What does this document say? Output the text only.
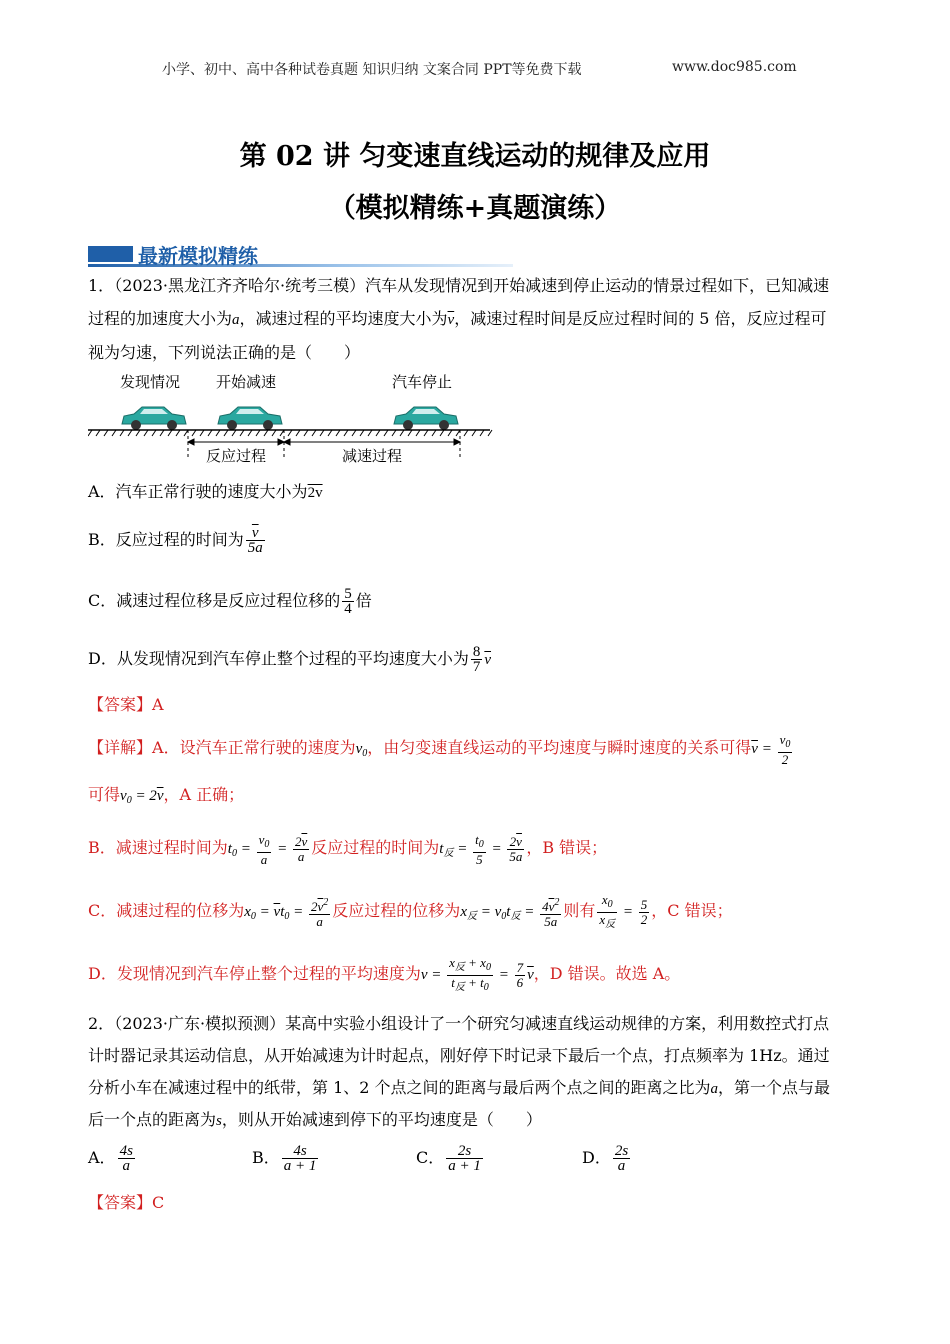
小学、初中、高中各种试卷真题 知识归纳 文案合同 PPT等免费下载	www.doc985.com
第 02 讲 匀变速直线运动的规律及应用
（模拟精练+真题演练）
最新模拟精练
1．（2023·黑龙江齐齐哈尔·统考三模）汽车从发现情况到开始减速到停止运动的情景过程如下，已知减速
过程的加速度大小为a，减速过程的平均速度大小为$\overline{v}$，减速过程时间是反应过程时间的 5 倍，反应过程可
视为匀速，下列说法正确的是（　　）
发现情况 开始减速	汽车停止
反应过程	减速过程
A．汽车正常行驶的速度大小为2v
B．反应过程的时间为 $\frac{\overline{v}}{5a}$
C．减速过程位移是反应过程位移的 $\frac{5}{4}$ 倍
D．从发现情况到汽车停止整个过程的平均速度大小为 $\frac{8}{7} \overline{v}$
【答案】A
【详解】A．设汽车正常行驶的速度为$v_0$，由匀变速直线运动的平均速度与瞬时速度的关系可得$\overline{v} = \frac{v_0}{2}$
可得$v_0 = 2\overline{v}$，A 正确；
B．减速过程时间为$t_0 = \frac{v_0}{a} = \frac{2\overline{v}}{a}$ 反应过程的时间为$t_反 = \frac{t_0}{5} = \frac{2\overline{v}}{5a}$ ，B 错误；
C．减速过程的位移为$x_0 = \overline{v}t_0 = \frac{2\overline{v}^2}{a}$ 反应过程的位移为$x_反 = v_0t_反 = \frac{4\overline{v}^2}{5a}$ 则有 $\frac{x_0}{x_反} = \frac{5}{2}$ ，C 错误；
D．发现情况到汽车停止整个过程的平均速度为$v = \frac{x_反 + x_0}{t_反 + t_0} = \frac{7}{6} \overline{v}$，D 错误。故选 A。
2．（2023·广东·模拟预测）某高中实验小组设计了一个研究匀减速直线运动规律的方案，利用数控式打点
计时器记录其运动信息，从开始减速为计时起点，刚好停下时记录下最后一个点，打点频率为 1Hz。通过
分析小车在减速过程中的纸带，第 1、2 个点之间的距离与最后两个点之间的距离之比为a，第一个点与最
后一个点的距离为s，则从开始减速到停下的平均速度是（　　）
A． $\frac{4s}{a}$	B． $\frac{4s}{a + 1}$	C． $\frac{2s}{a + 1}$	D． $\frac{2s}{a}$
【答案】C
